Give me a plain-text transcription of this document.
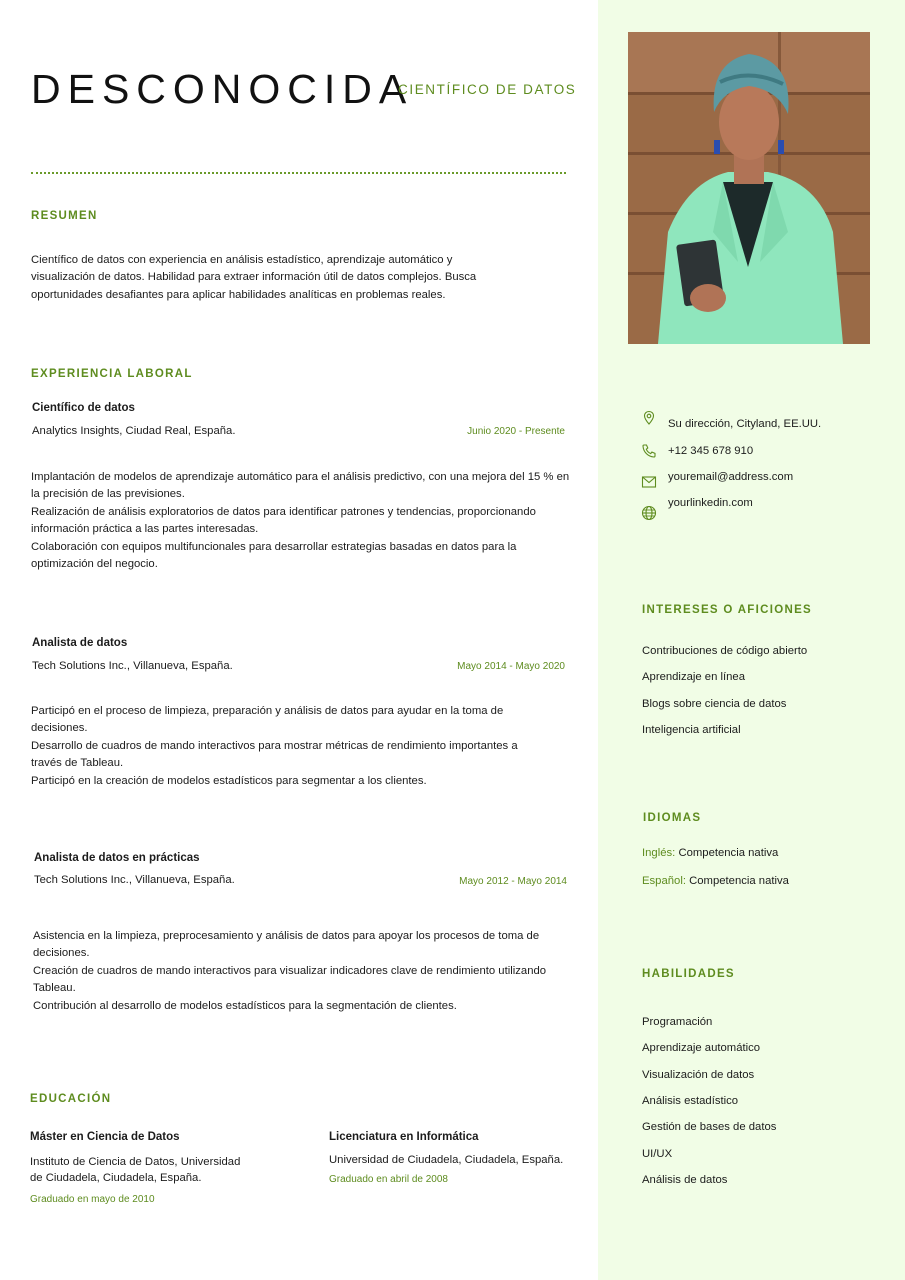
DESCONOCIDA
CIENTÍFICO DE DATOS
RESUMEN
Científico de datos con experiencia en análisis estadístico, aprendizaje automático y
visualización de datos. Habilidad para extraer información útil de datos complejos. Busca
oportunidades desafiantes para aplicar habilidades analíticas en problemas reales.
EXPERIENCIA LABORAL
Científico de datos
Analytics Insights, Ciudad Real, España.	Junio 2020 - Presente
Implantación de modelos de aprendizaje automático para el análisis predictivo, con una mejora del 15 % en
la precisión de las previsiones.
Realización de análisis exploratorios de datos para identificar patrones y tendencias, proporcionando
información práctica a las partes interesadas.
Colaboración con equipos multifuncionales para desarrollar estrategias basadas en datos para la
optimización del negocio.
Analista de datos
Tech Solutions Inc., Villanueva, España.	Mayo 2014 - Mayo 2020
Participó en el proceso de limpieza, preparación y análisis de datos para ayudar en la toma de
decisiones.
Desarrollo de cuadros de mando interactivos para mostrar métricas de rendimiento importantes a
través de Tableau.
Participó en la creación de modelos estadísticos para segmentar a los clientes.
Analista de datos en prácticas
Tech Solutions Inc., Villanueva, España.	Mayo 2012 - Mayo 2014
Asistencia en la limpieza, preprocesamiento y análisis de datos para apoyar los procesos de toma de
decisiones.
Creación de cuadros de mando interactivos para visualizar indicadores clave de rendimiento utilizando
Tableau.
Contribución al desarrollo de modelos estadísticos para la segmentación de clientes.
EDUCACIÓN
Máster en Ciencia de Datos
Instituto de Ciencia de Datos, Universidad
de Ciudadela, Ciudadela, España.
Graduado en mayo de 2010
Licenciatura en Informática
Universidad de Ciudadela, Ciudadela, España.
Graduado en abril de 2008
Su dirección, Cityland, EE.UU.
+12 345 678 910
youremail@address.com
yourlinkedin.com
INTERESES O AFICIONES
Contribuciones de código abierto
Aprendizaje en línea
Blogs sobre ciencia de datos
Inteligencia artificial
IDIOMAS
Inglés: Competencia nativa
Español: Competencia nativa
HABILIDADES
Programación
Aprendizaje automático
Visualización de datos
Análisis estadístico
Gestión de bases de datos
UI/UX
Análisis de datos
